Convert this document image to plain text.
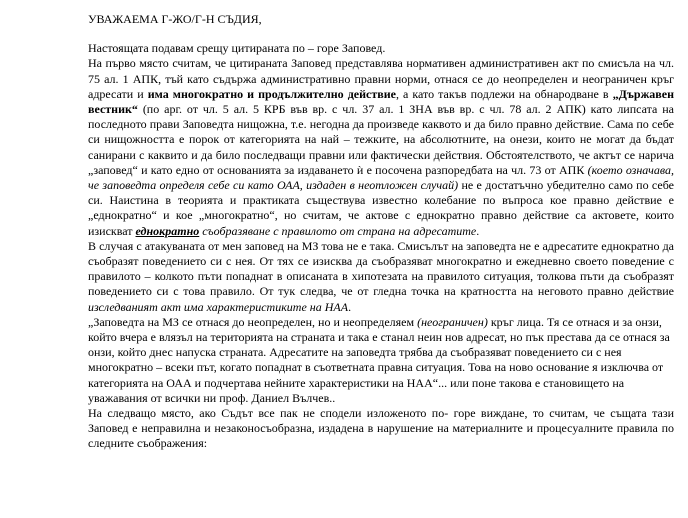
УВАЖАЕМА Г-ЖО/Г-Н СЪДИЯ,

Настоящата подавам срещу цитираната по – горе Заповед.

На първо място считам, че цитираната Заповед представлява нормативен административен акт по смисъла на чл. 75 ал. 1 АПК, тъй като съдържа административно правни норми, отнася се до неопределен и неограничен кръг адресати и има многократно и продължително действие, а като такъв подлежи на обнародване в „Държавен вестник“ (по арг. от чл. 5 ал. 5 КРБ във вр. с чл. 37 ал. 1 ЗНА във вр. с чл. 78 ал. 2 АПК) като липсата на последното прави Заповедта нищожна, т.е. негодна да произведе каквото и да било правно действие. Сама по себе си нищожността е порок от категорията на най – тежките, на абсолютните, на онези, които не могат да бъдат санирани с каквито и да било последващи правни или фактически действия. Обстоятелството, че актът се нарича „заповед“ и като едно от основанията за издаването ѝ е посочена разпоредбата на чл. 73 от АПК (което означава, че заповедта определя себе си като ОАА, издаден в неотложен случай) не е достатъчно убедително само по себе си. Наистина в теорията и практиката съществува известно колебание по въпроса кое правно действие е „еднократно“ и кое „многократно“, но считам, че актове с еднократно правно действие са актовете, които изискват еднократно съобразяване с правилото от страна на адресатите.

В случая с атакуваната от мен заповед на МЗ това не е така. Смисълът на заповедта не е адресатите еднократно да съобразят поведението си с нея. От тях се изисква да съобразяват многократно и ежедневно своето поведение с правилото – колкото пъти попаднат в описаната в хипотезата на правилото ситуация, толкова пъти да съобразят поведението си с това правило. От тук следва, че от гледна точка на кратността на неговото правно действие изследваният акт има характеристиките на НАА.

„Заповедта на МЗ се отнася до неопределен, но и неопределяем (неограничен) кръг лица. Тя се отнася и за онзи, който вчера е влязъл на територията на страната и така е станал неин нов адресат, но пък престава да се отнася за онзи, който днес напуска страната. Адресатите на заповедта трябва да съобразяват поведението си с нея многократно – всеки път, когато попаднат в съответната правна ситуация. Това на ново основание я изключва от категорията на ОАА и подчертава нейните характеристики на НАА“... или поне такова е становището на уважавания от всички ни проф. Даниел Вълчев..

На следващо място, ако Съдът все пак не сподели изложеното по- горе виждане, то считам, че същата тази Заповед е неправилна и незаконосъобразна, издадена в нарушение на материалните и процесуалните правила по следните съображения:
